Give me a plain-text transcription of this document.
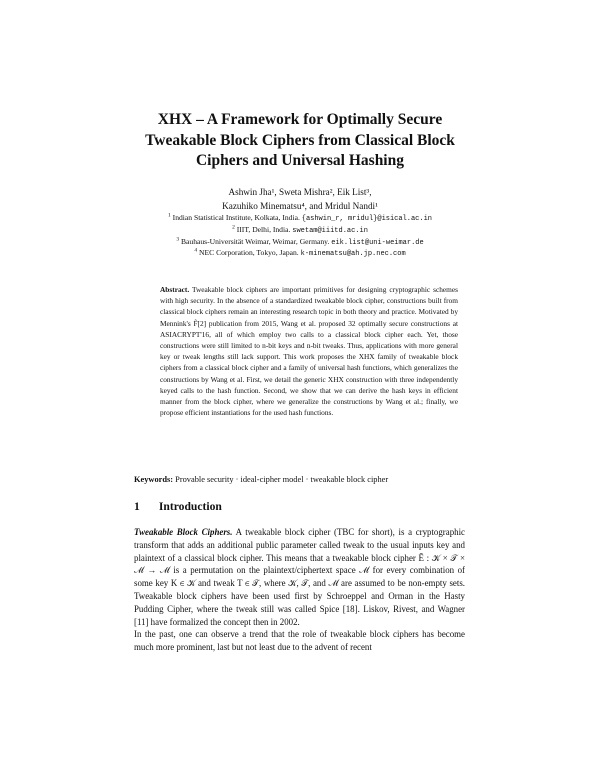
XHX – A Framework for Optimally Secure
Tweakable Block Ciphers from Classical Block
Ciphers and Universal Hashing
Ashwin Jha¹, Sweta Mishra², Eik List³,
Kazuhiko Minematsu⁴, and Mridul Nandi¹
$^1$ Indian Statistical Institute, Kolkata, India. {ashwin_r, mridul}@isical.ac.in
$^2$ IIIT, Delhi, India. swetam@iiitd.ac.in
$^3$ Bauhaus-Universität Weimar, Weimar, Germany. eik.list@uni-weimar.de
$^4$ NEC Corporation, Tokyo, Japan. k-minematsu@ah.jp.nec.com
Abstract. Tweakable block ciphers are important primitives for designing cryptographic schemes with high security. In the absence of a standardized tweakable block cipher, constructions built from classical block ciphers remain an interesting research topic in both theory and practice. Motivated by Mennink's F̃[2] publication from 2015, Wang et al. proposed 32 optimally secure constructions at ASIACRYPT'16, all of which employ two calls to a classical block cipher each. Yet, those constructions were still limited to n-bit keys and n-bit tweaks. Thus, applications with more general key or tweak lengths still lack support. This work proposes the XHX family of tweakable block ciphers from a classical block cipher and a family of universal hash functions, which generalizes the constructions by Wang et al. First, we detail the generic XHX construction with three independently keyed calls to the hash function. Second, we show that we can derive the hash keys in efficient manner from the block cipher, where we generalize the constructions by Wang et al.; finally, we propose efficient instantiations for the used hash functions.
Keywords: Provable security · ideal-cipher model · tweakable block cipher
1 Introduction
Tweakable Block Ciphers. A tweakable block cipher (TBC for short), is a cryptographic transform that adds an additional public parameter called tweak to the usual inputs key and plaintext of a classical block cipher. This means that a tweakable block cipher Ẽ : 𝒦 × 𝒯 × ℳ → ℳ is a permutation on the plaintext/ciphertext space ℳ for every combination of some key K ∈ 𝒦 and tweak T ∈ 𝒯, where 𝒦, 𝒯, and ℳ are assumed to be non-empty sets. Tweakable block ciphers have been used first by Schroeppel and Orman in the Hasty Pudding Cipher, where the tweak still was called Spice [18]. Liskov, Rivest, and Wagner [11] have formalized the concept then in 2002.
In the past, one can observe a trend that the role of tweakable block ciphers has become much more prominent, last but not least due to the advent of recent
